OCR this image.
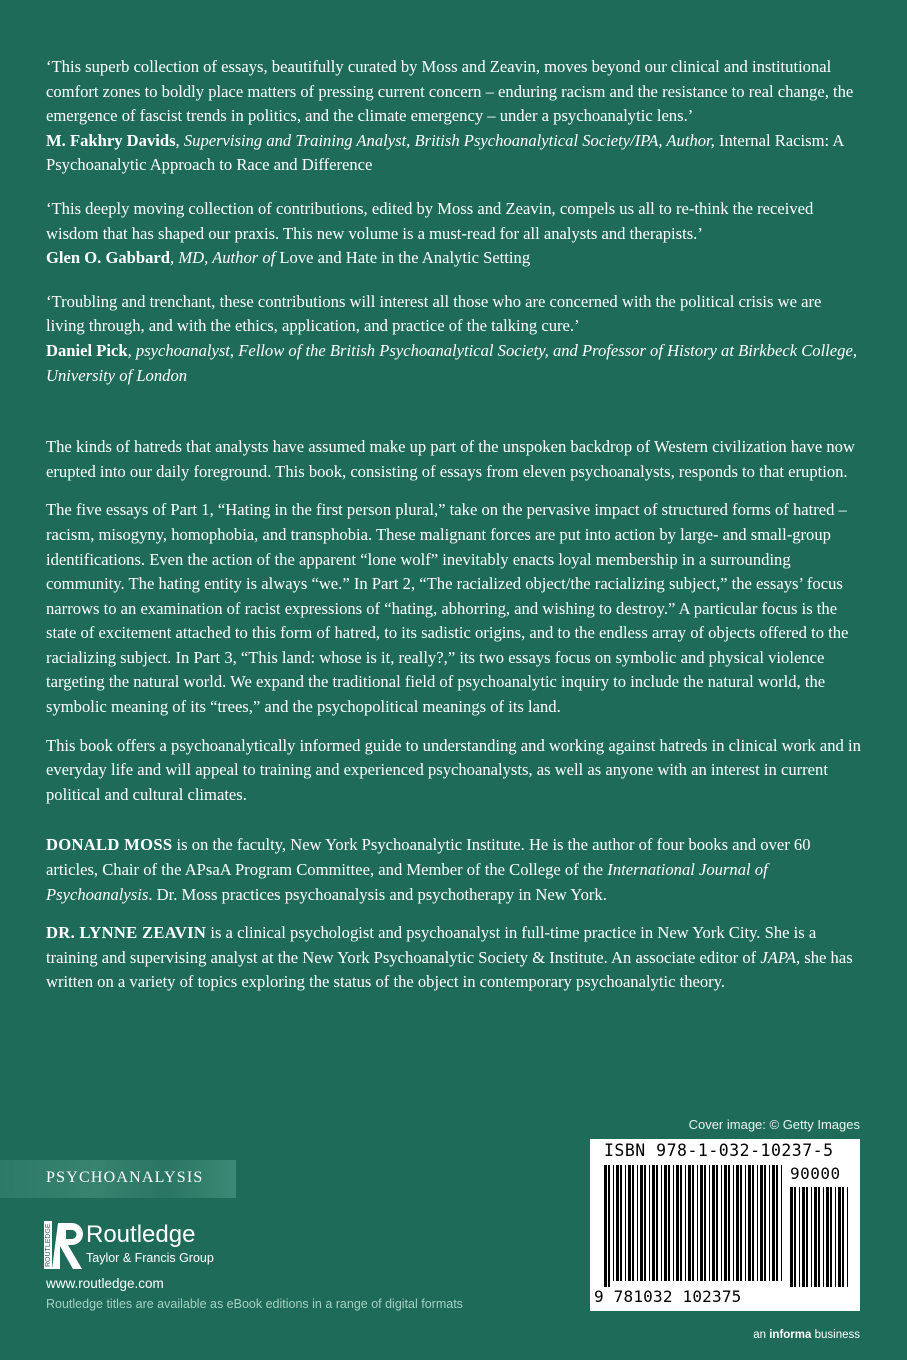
‘This superb collection of essays, beautifully curated by Moss and Zeavin, moves beyond our clinical and institutional comfort zones to boldly place matters of pressing current concern – enduring racism and the resistance to real change, the emergence of fascist trends in politics, and the climate emergency – under a psychoanalytic lens.’
M. Fakhry Davids, Supervising and Training Analyst, British Psychoanalytical Society/IPA, Author, Internal Racism: A Psychoanalytic Approach to Race and Difference
‘This deeply moving collection of contributions, edited by Moss and Zeavin, compels us all to re-think the received wisdom that has shaped our praxis. This new volume is a must-read for all analysts and therapists.’
Glen O. Gabbard, MD, Author of Love and Hate in the Analytic Setting
‘Troubling and trenchant, these contributions will interest all those who are concerned with the political crisis we are living through, and with the ethics, application, and practice of the talking cure.’
Daniel Pick, psychoanalyst, Fellow of the British Psychoanalytical Society, and Professor of History at Birkbeck College, University of London
The kinds of hatreds that analysts have assumed make up part of the unspoken backdrop of Western civilization have now erupted into our daily foreground. This book, consisting of essays from eleven psychoanalysts, responds to that eruption.
The five essays of Part 1, “Hating in the first person plural,” take on the pervasive impact of structured forms of hatred – racism, misogyny, homophobia, and transphobia. These malignant forces are put into action by large- and small-group identifications. Even the action of the apparent “lone wolf” inevitably enacts loyal membership in a surrounding community. The hating entity is always “we.” In Part 2, “The racialized object/the racializing subject,” the essays’ focus narrows to an examination of racist expressions of “hating, abhorring, and wishing to destroy.” A particular focus is the state of excitement attached to this form of hatred, to its sadistic origins, and to the endless array of objects offered to the racializing subject. In Part 3, “This land: whose is it, really?,” its two essays focus on symbolic and physical violence targeting the natural world. We expand the traditional field of psychoanalytic inquiry to include the natural world, the symbolic meaning of its “trees,” and the psychopolitical meanings of its land.
This book offers a psychoanalytically informed guide to understanding and working against hatreds in clinical work and in everyday life and will appeal to training and experienced psychoanalysts, as well as anyone with an interest in current political and cultural climates.
DONALD MOSS is on the faculty, New York Psychoanalytic Institute. He is the author of four books and over 60 articles, Chair of the APsaA Program Committee, and Member of the College of the International Journal of Psychoanalysis. Dr. Moss practices psychoanalysis and psychotherapy in New York.
DR. LYNNE ZEAVIN is a clinical psychologist and psychoanalyst in full-time practice in New York City. She is a training and supervising analyst at the New York Psychoanalytic Society & Institute. An associate editor of JAPA, she has written on a variety of topics exploring the status of the object in contemporary psychoanalytic theory.
Cover image: © Getty Images
PSYCHOANALYSIS
ROUTLEDGE Routledge
Taylor & Francis Group
www.routledge.com
Routledge titles are available as eBook editions in a range of digital formats
ISBN 978-1-032-10237-5
90000
9 781032 102375
an informa business
